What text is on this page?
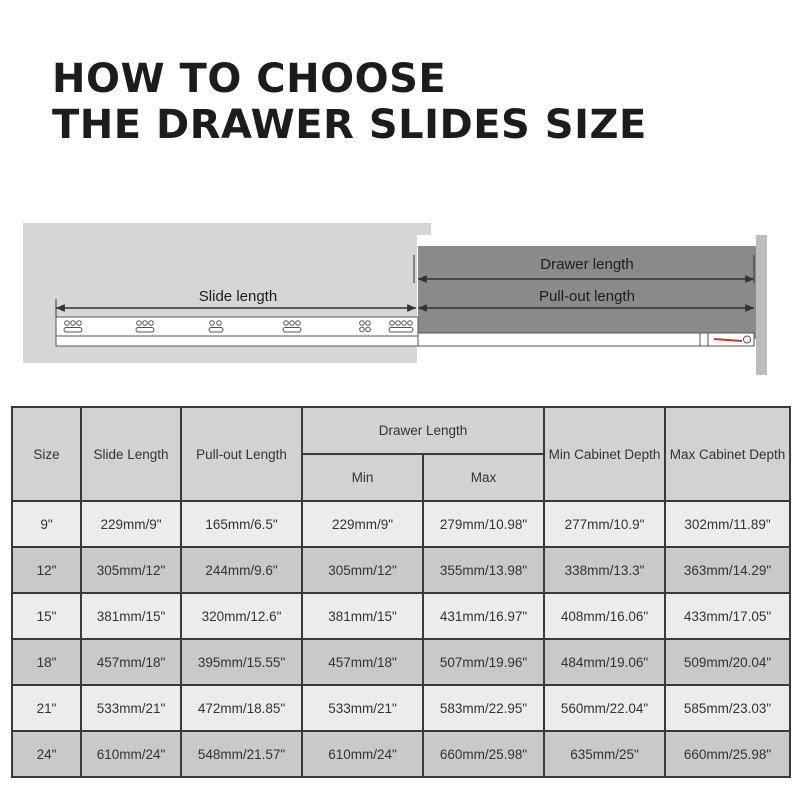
HOW TO CHOOSE
THE DRAWER SLIDES SIZE
Drawer length
Pull-out length
Slide length
Size	Slide Length	Pull-out Length	Drawer Length		Min Cabinet Depth	Max Cabinet Depth
			Min	Max		
9"	229mm/9"	165mm/6.5"	229mm/9"	279mm/10.98"	277mm/10.9"	302mm/11.89"
12"	305mm/12"	244mm/9.6"	305mm/12"	355mm/13.98"	338mm/13.3"	363mm/14.29"
15"	381mm/15"	320mm/12.6"	381mm/15"	431mm/16.97"	408mm/16.06"	433mm/17.05"
18"	457mm/18"	395mm/15.55"	457mm/18"	507mm/19.96"	484mm/19.06"	509mm/20.04"
21"	533mm/21"	472mm/18.85"	533mm/21"	583mm/22.95"	560mm/22.04"	585mm/23.03"
24"	610mm/24"	548mm/21.57"	610mm/24"	660mm/25.98"	635mm/25"	660mm/25.98"
